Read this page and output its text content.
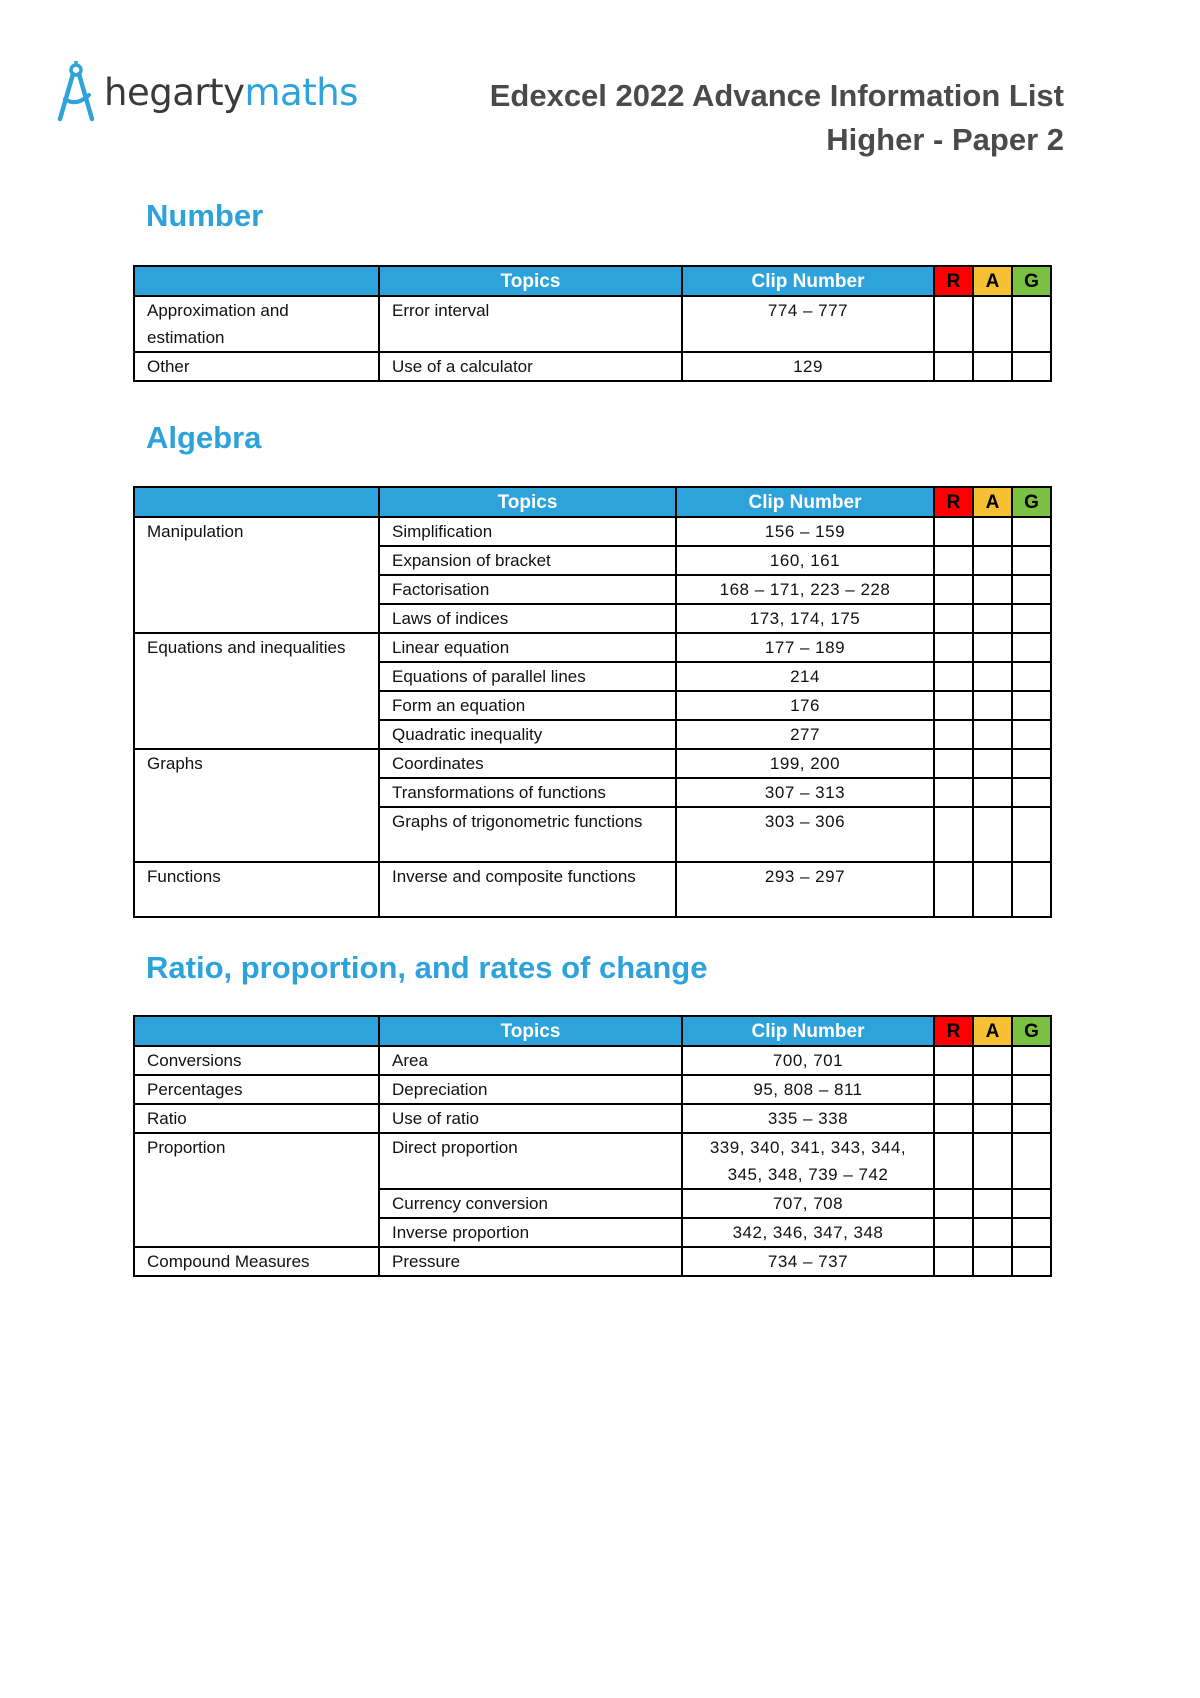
hegartymaths	Edexcel 2022 Advance Information List
Higher - Paper 2
Number
	Topics	Clip Number	R	A	G
Approximation and estimation	Error interval	774 – 777			
Other	Use of a calculator	129			
Algebra
	Topics	Clip Number	R	A	G
Manipulation	Simplification	156 – 159			
	Expansion of bracket	160, 161			
	Factorisation	168 – 171, 223 – 228			
	Laws of indices	173, 174, 175			
Equations and inequalities	Linear equation	177 – 189			
	Equations of parallel lines	214			
	Form an equation	176			
	Quadratic inequality	277			
Graphs	Coordinates	199, 200			
	Transformations of functions	307 – 313			
	Graphs of trigonometric functions	303 – 306			
Functions	Inverse and composite functions	293 – 297			
Ratio, proportion, and rates of change
	Topics	Clip Number	R	A	G
Conversions	Area	700, 701			
Percentages	Depreciation	95, 808 – 811			
Ratio	Use of ratio	335 – 338			
Proportion	Direct proportion	339, 340, 341, 343, 344, 345, 348, 739 – 742			
	Currency conversion	707, 708			
	Inverse proportion	342, 346, 347, 348			
Compound Measures	Pressure	734 – 737			
